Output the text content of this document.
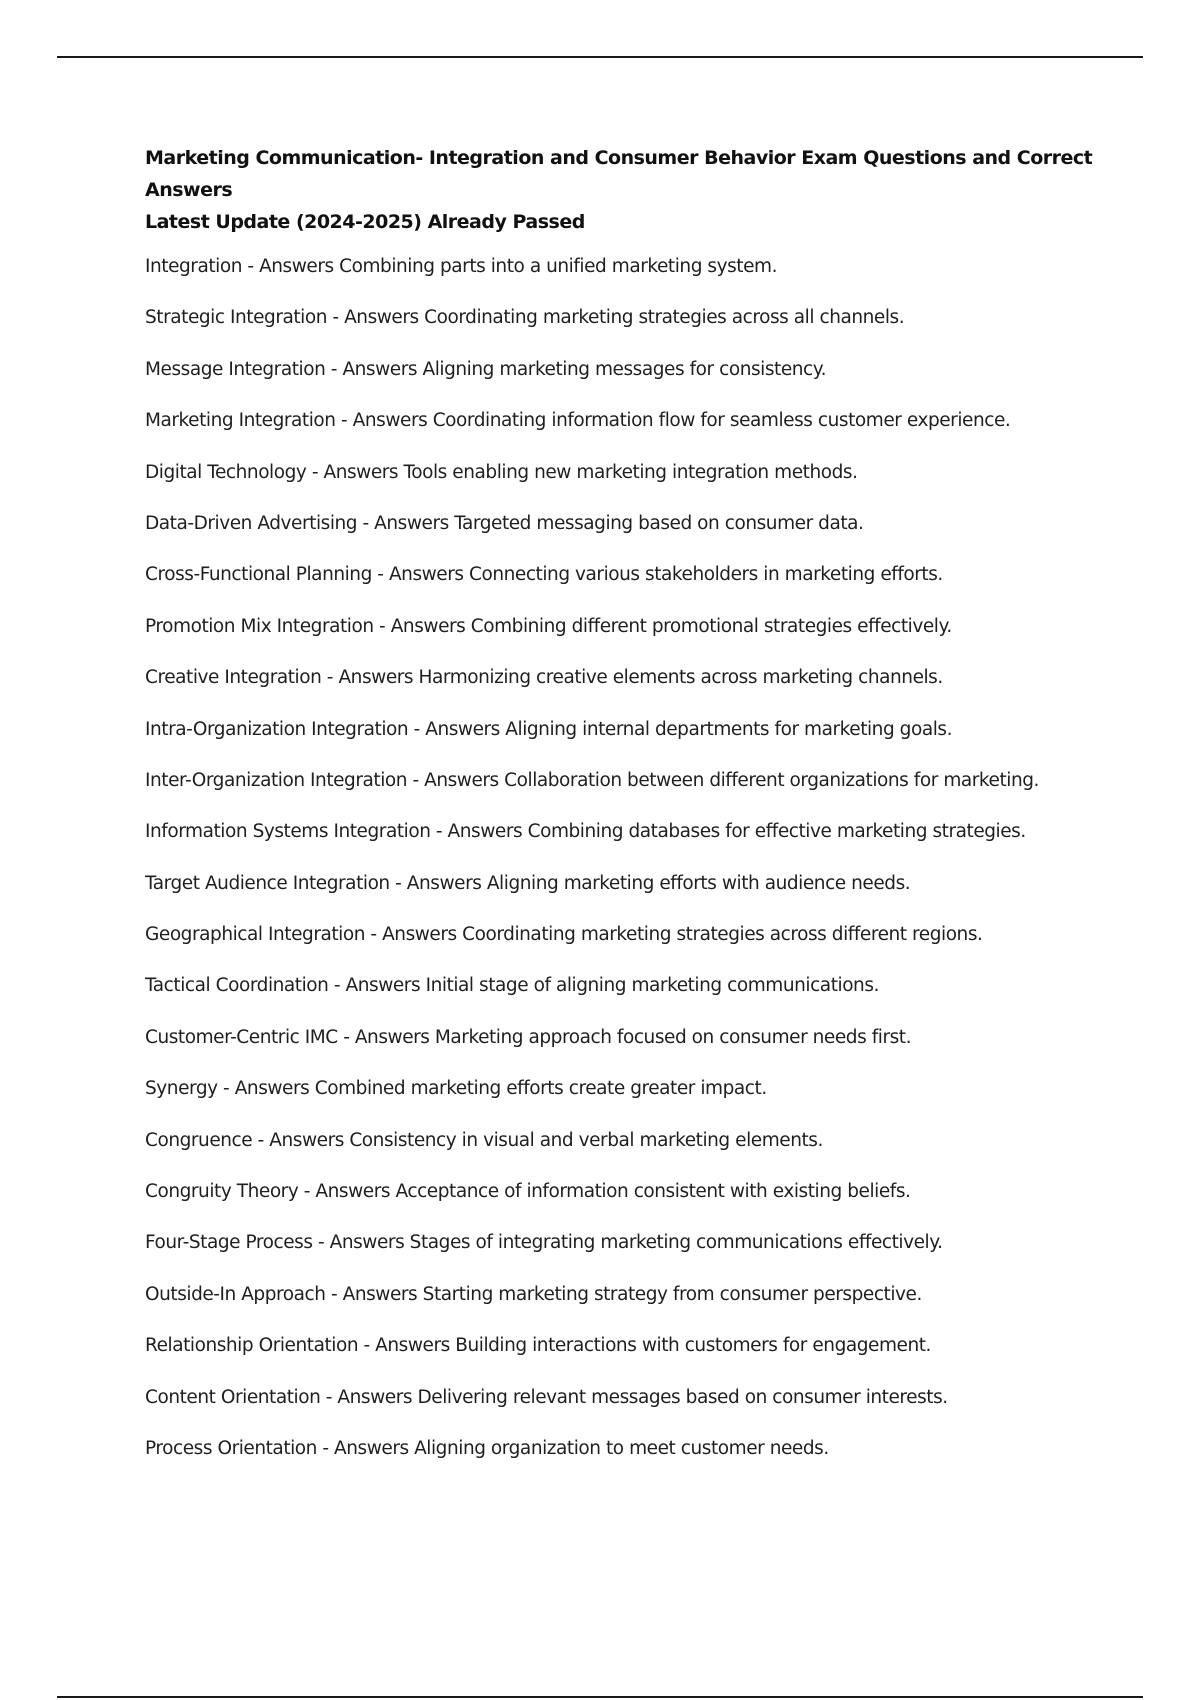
Marketing Communication- Integration and Consumer Behavior Exam Questions and Correct Answers
Latest Update (2024-2025) Already Passed
Integration - Answers Combining parts into a unified marketing system.
Strategic Integration - Answers Coordinating marketing strategies across all channels.
Message Integration - Answers Aligning marketing messages for consistency.
Marketing Integration - Answers Coordinating information flow for seamless customer experience.
Digital Technology - Answers Tools enabling new marketing integration methods.
Data-Driven Advertising - Answers Targeted messaging based on consumer data.
Cross-Functional Planning - Answers Connecting various stakeholders in marketing efforts.
Promotion Mix Integration - Answers Combining different promotional strategies effectively.
Creative Integration - Answers Harmonizing creative elements across marketing channels.
Intra-Organization Integration - Answers Aligning internal departments for marketing goals.
Inter-Organization Integration - Answers Collaboration between different organizations for marketing.
Information Systems Integration - Answers Combining databases for effective marketing strategies.
Target Audience Integration - Answers Aligning marketing efforts with audience needs.
Geographical Integration - Answers Coordinating marketing strategies across different regions.
Tactical Coordination - Answers Initial stage of aligning marketing communications.
Customer-Centric IMC - Answers Marketing approach focused on consumer needs first.
Synergy - Answers Combined marketing efforts create greater impact.
Congruence - Answers Consistency in visual and verbal marketing elements.
Congruity Theory - Answers Acceptance of information consistent with existing beliefs.
Four-Stage Process - Answers Stages of integrating marketing communications effectively.
Outside-In Approach - Answers Starting marketing strategy from consumer perspective.
Relationship Orientation - Answers Building interactions with customers for engagement.
Content Orientation - Answers Delivering relevant messages based on consumer interests.
Process Orientation - Answers Aligning organization to meet customer needs.
